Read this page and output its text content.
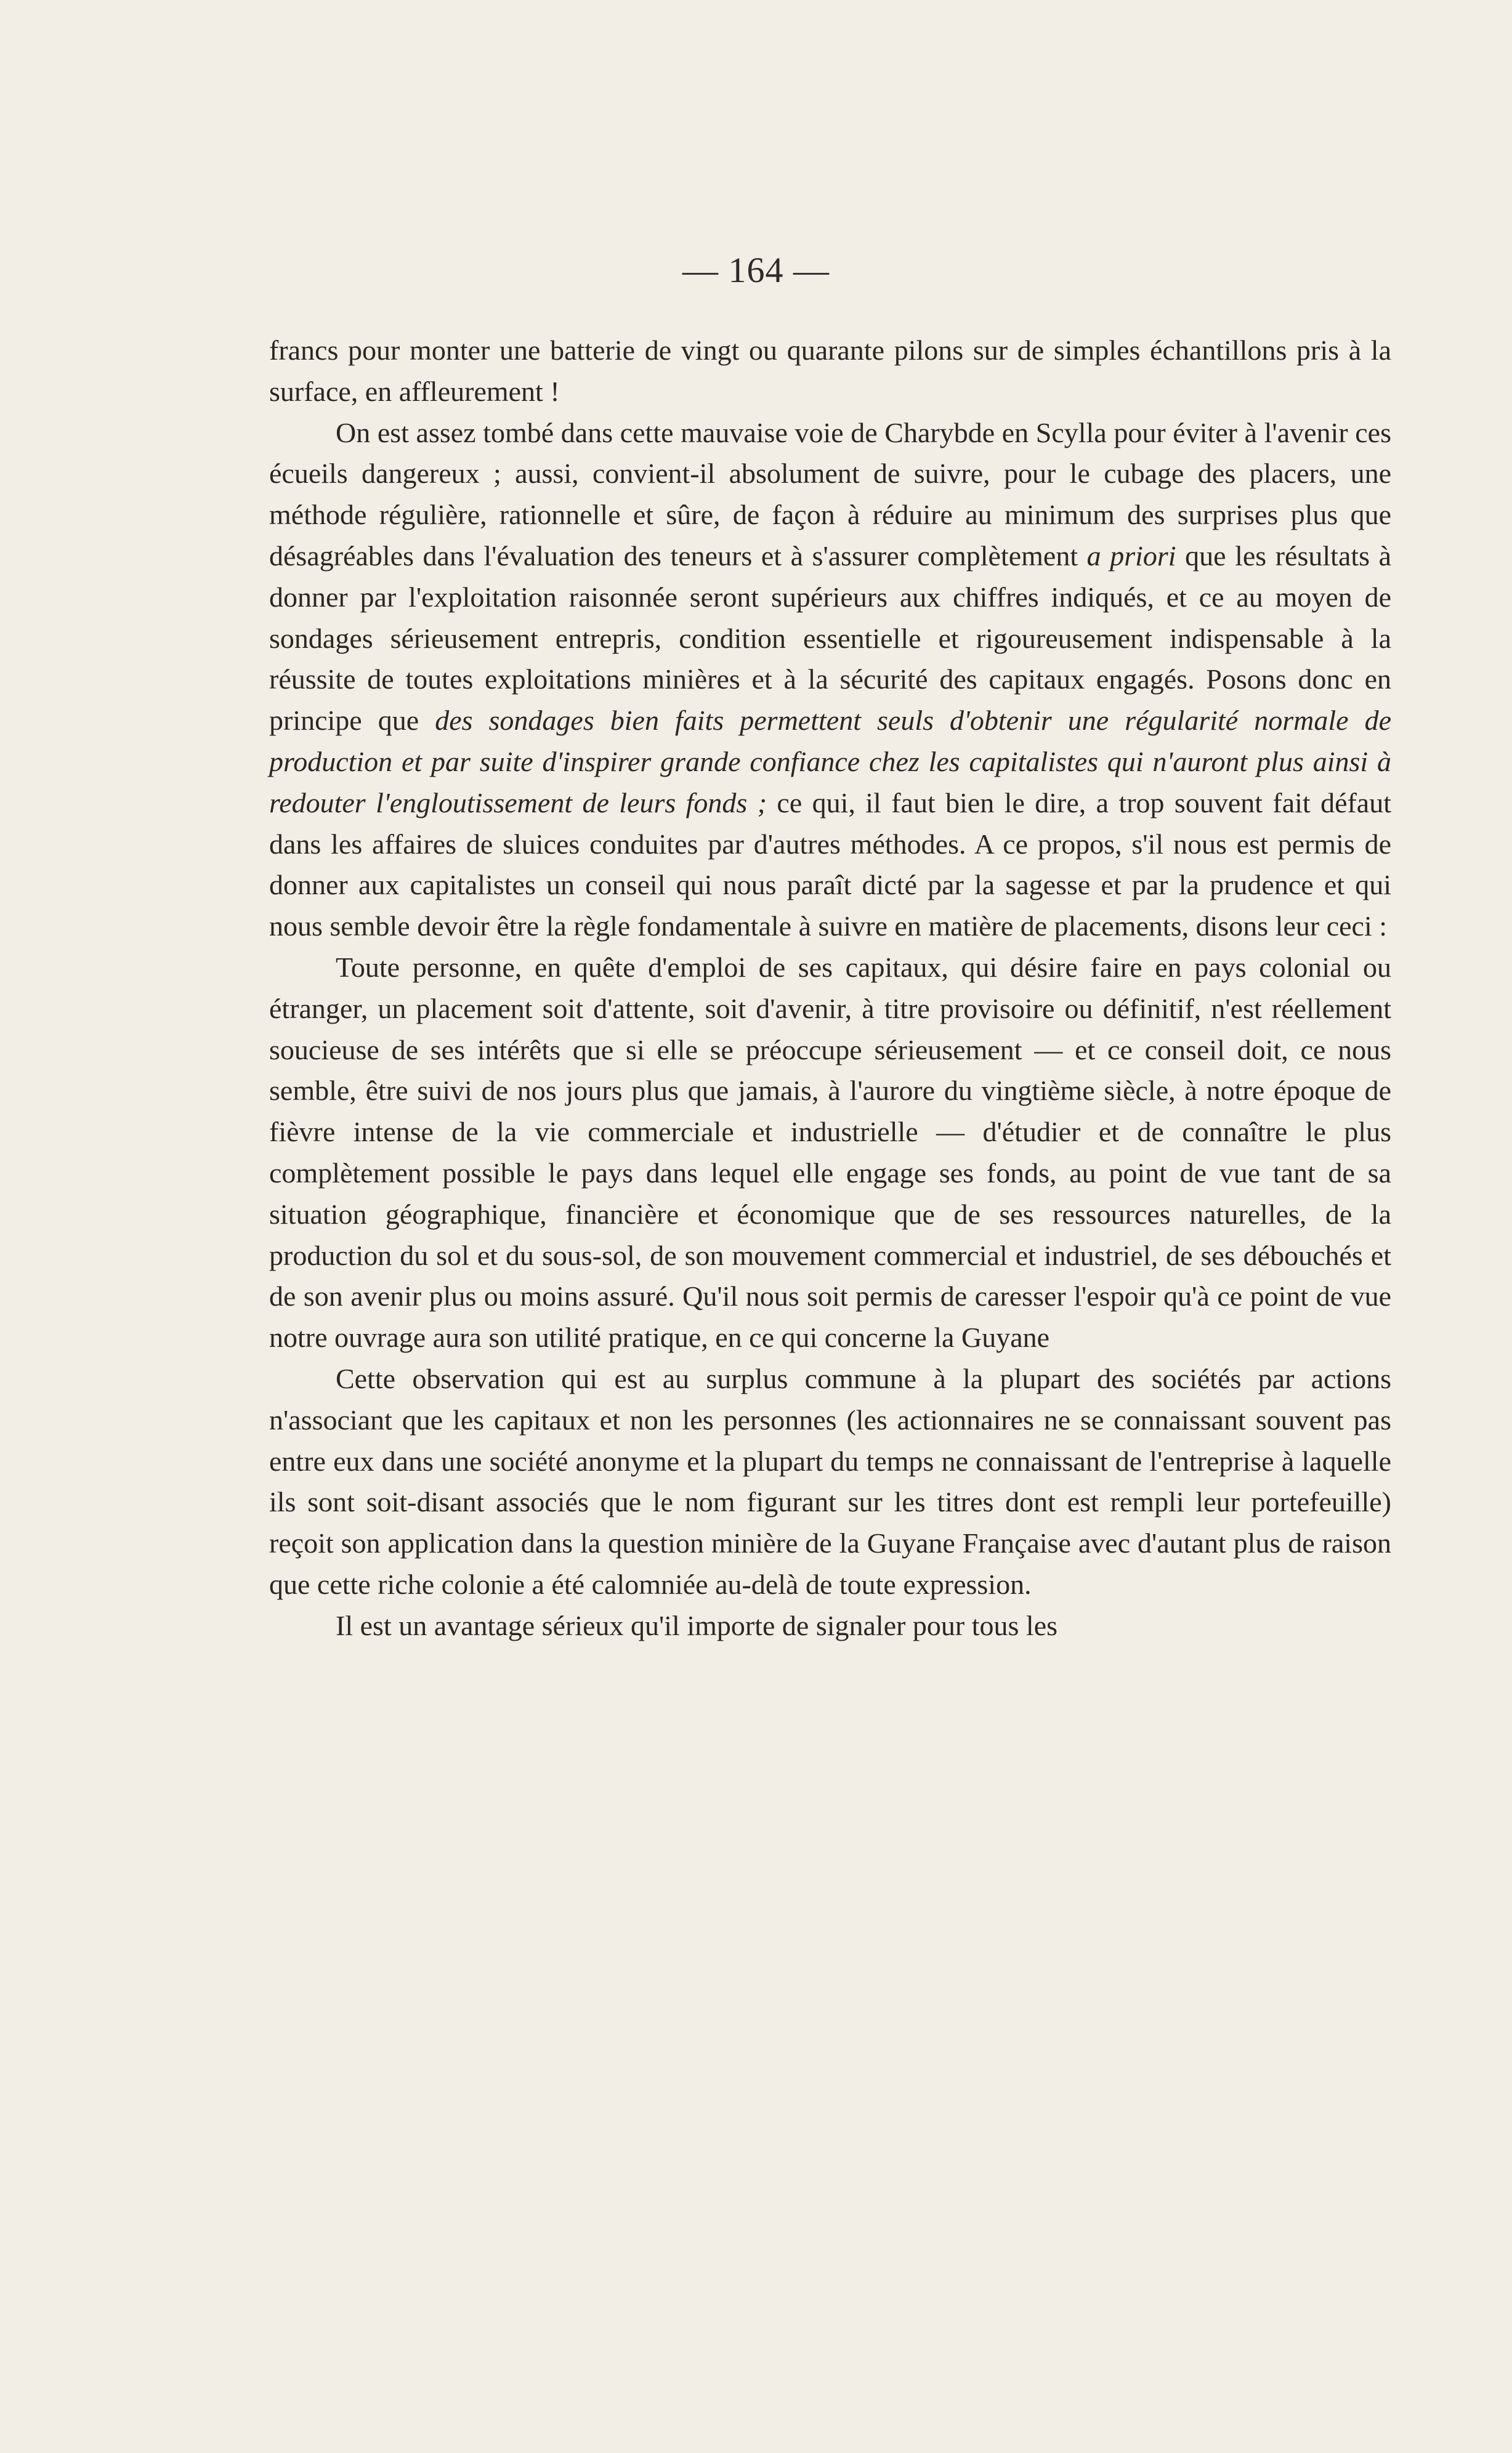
— 164 —

francs pour monter une batterie de vingt ou quarante pilons sur de simples échantillons pris à la surface, en affleurement !

On est assez tombé dans cette mauvaise voie de Charybde en Scylla pour éviter à l'avenir ces écueils dangereux ; aussi, convient-il absolument de suivre, pour le cubage des placers, une méthode régulière, rationnelle et sûre, de façon à réduire au minimum des surprises plus que désagréables dans l'évaluation des teneurs et à s'assurer complètement a priori que les résultats à donner par l'exploitation raisonnée seront supérieurs aux chiffres indiqués, et ce au moyen de sondages sérieusement entrepris, condition essentielle et rigoureusement indispensable à la réussite de toutes exploitations minières et à la sécurité des capitaux engagés. Posons donc en principe que des sondages bien faits permettent seuls d'obtenir une régularité normale de production et par suite d'inspirer grande confiance chez les capitalistes qui n'auront plus ainsi à redouter l'engloutissement de leurs fonds ; ce qui, il faut bien le dire, a trop souvent fait défaut dans les affaires de sluices conduites par d'autres méthodes. A ce propos, s'il nous est permis de donner aux capitalistes un conseil qui nous paraît dicté par la sagesse et par la prudence et qui nous semble devoir être la règle fondamentale à suivre en matière de placements, disons leur ceci :

Toute personne, en quête d'emploi de ses capitaux, qui désire faire en pays colonial ou étranger, un placement soit d'attente, soit d'avenir, à titre provisoire ou définitif, n'est réellement soucieuse de ses intérêts que si elle se préoccupe sérieusement — et ce conseil doit, ce nous semble, être suivi de nos jours plus que jamais, à l'aurore du vingtième siècle, à notre époque de fièvre intense de la vie commerciale et industrielle — d'étudier et de connaître le plus complètement possible le pays dans lequel elle engage ses fonds, au point de vue tant de sa situation géographique, financière et économique que de ses ressources naturelles, de la production du sol et du sous-sol, de son mouvement commercial et industriel, de ses débouchés et de son avenir plus ou moins assuré. Qu'il nous soit permis de caresser l'espoir qu'à ce point de vue notre ouvrage aura son utilité pratique, en ce qui concerne la Guyane

Cette observation qui est au surplus commune à la plupart des sociétés par actions n'associant que les capitaux et non les personnes (les actionnaires ne se connaissant souvent pas entre eux dans une société anonyme et la plupart du temps ne connaissant de l'entreprise à laquelle ils sont soit-disant associés que le nom figurant sur les titres dont est rempli leur portefeuille) reçoit son application dans la question minière de la Guyane Française avec d'autant plus de raison que cette riche colonie a été calomniée au-delà de toute expression.

Il est un avantage sérieux qu'il importe de signaler pour tous les
